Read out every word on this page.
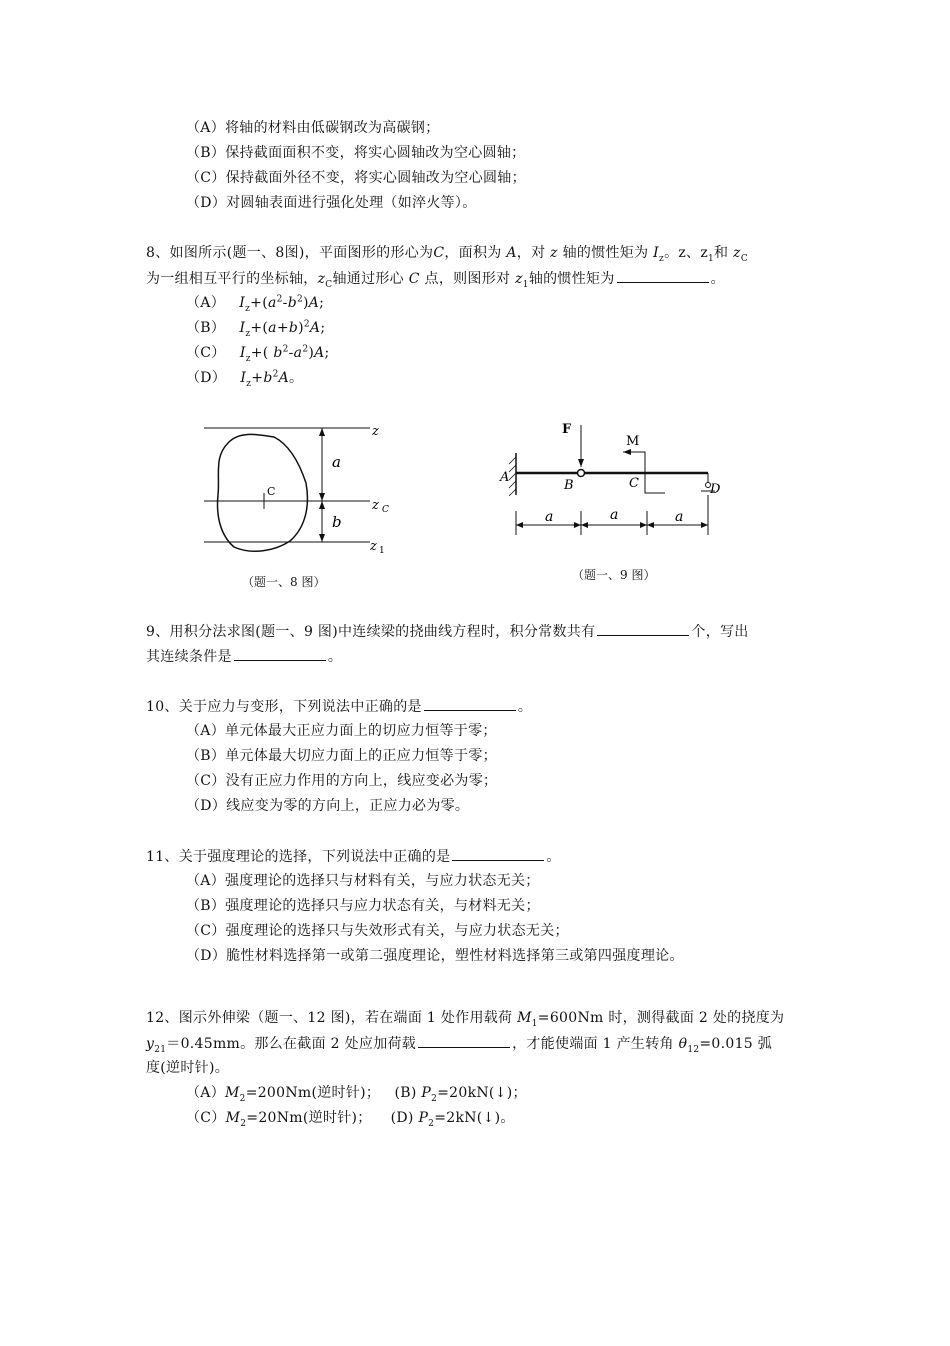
（A）将轴的材料由低碳钢改为高碳钢；
（B）保持截面面积不变，将实心圆轴改为空心圆轴；
（C）保持截面外径不变，将实心圆轴改为空心圆轴；
（D）对圆轴表面进行强化处理（如淬火等）。
8、如图所示(题一、8图)，平面图形的形心为C，面积为 A，对 z 轴的惯性矩为 $I_z$。z、$z_1$和 $z_C$
为一组相互平行的坐标轴，$z_C$轴通过形心 C 点，则图形对 $z_1$轴的惯性矩为	。
（A） $I_z+(a^2-b^2)A$;
（B） $I_z+(a+b)^2A$;
（C） $I_z+$( $b^2-a^2)A$;
（D） $I_z+b^2A$。
z
z C
z 1
a
b
C
（题一、8 图）
F
M
A
B	C	D
a	a	a
（题一、9 图）
9、用积分法求图(题一、9 图)中连续梁的挠曲线方程时，积分常数共有	个，写出
其连续条件是	。
10、关于应力与变形，下列说法中正确的是	。
（A）单元体最大正应力面上的切应力恒等于零；
（B）单元体最大切应力面上的正应力恒等于零；
（C）没有正应力作用的方向上，线应变必为零；
（D）线应变为零的方向上，正应力必为零。
11、关于强度理论的选择，下列说法中正确的是	。
（A）强度理论的选择只与材料有关，与应力状态无关；
（B）强度理论的选择只与应力状态有关，与材料无关；
（C）强度理论的选择只与失效形式有关，与应力状态无关；
（D）脆性材料选择第一或第二强度理论，塑性材料选择第三或第四强度理论。
12、图示外伸梁（题一、12 图)，若在端面 1 处作用载荷 $M_1=600Nm$ 时，测得截面 2 处的挠度为
$y_{21}=0.45mm$。那么在截面 2 处应加荷载	，才能使端面 1 产生转角 $\theta_{12}=0.015$ 弧
度(逆时针)。
$(A)M_2=200Nm$(逆时针)； (B) $P_2=20kN(↓)$；
$(C)M_2=20Nm$(逆时针)； (D) $P_2=2kN(↓)$。
